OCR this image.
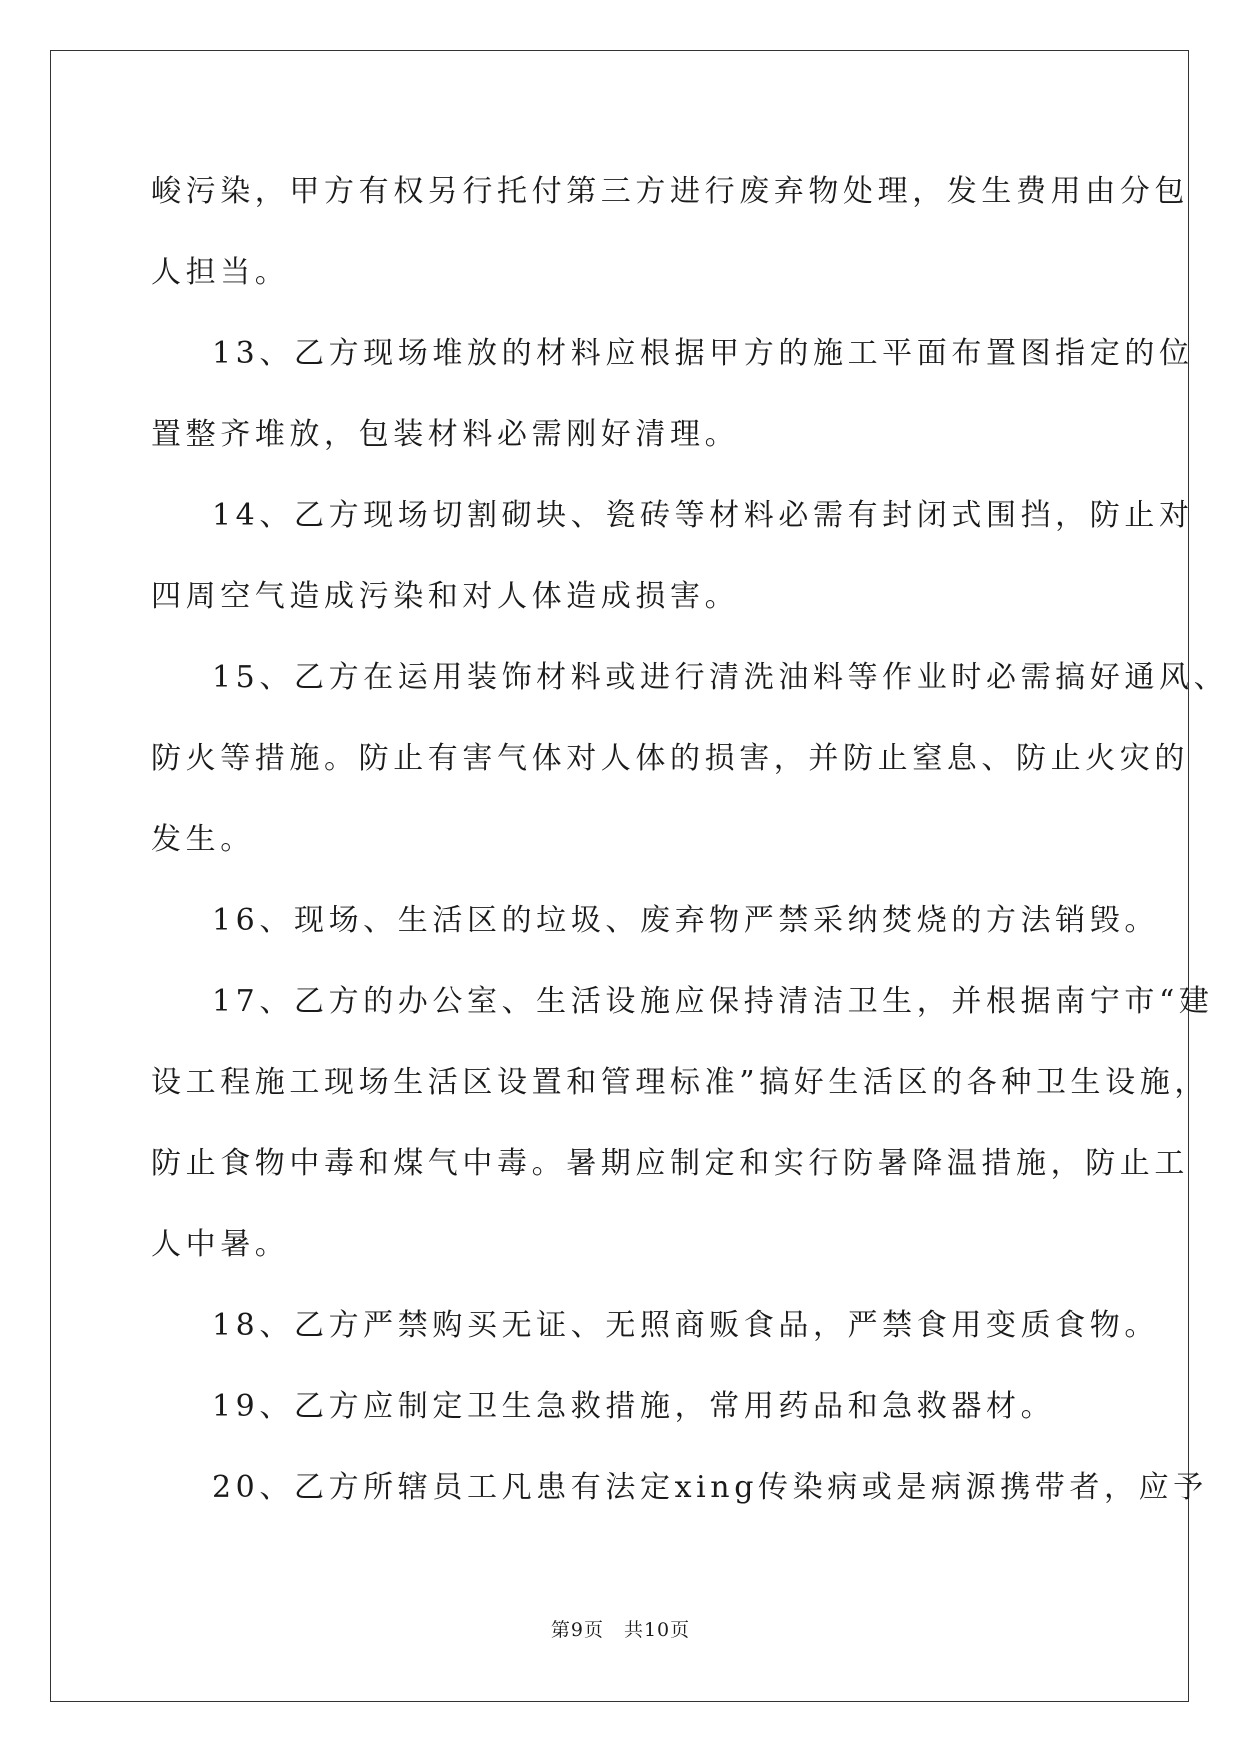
峻污染，甲方有权另行托付第三方进行废弃物处理，发生费用由分包
人担当。
13、乙方现场堆放的材料应根据甲方的施工平面布置图指定的位
置整齐堆放，包装材料必需刚好清理。
14、乙方现场切割砌块、瓷砖等材料必需有封闭式围挡，防止对
四周空气造成污染和对人体造成损害。
15、乙方在运用装饰材料或进行清洗油料等作业时必需搞好通风、
防火等措施。防止有害气体对人体的损害，并防止窒息、防止火灾的
发生。
16、现场、生活区的垃圾、废弃物严禁采纳焚烧的方法销毁。
17、乙方的办公室、生活设施应保持清洁卫生，并根据南宁市“建
设工程施工现场生活区设置和管理标准”搞好生活区的各种卫生设施，
防止食物中毒和煤气中毒。暑期应制定和实行防暑降温措施，防止工
人中暑。
18、乙方严禁购买无证、无照商贩食品，严禁食用变质食物。
19、乙方应制定卫生急救措施，常用药品和急救器材。
20、乙方所辖员工凡患有法定xing传染病或是病源携带者，应予
第9页　共10页
